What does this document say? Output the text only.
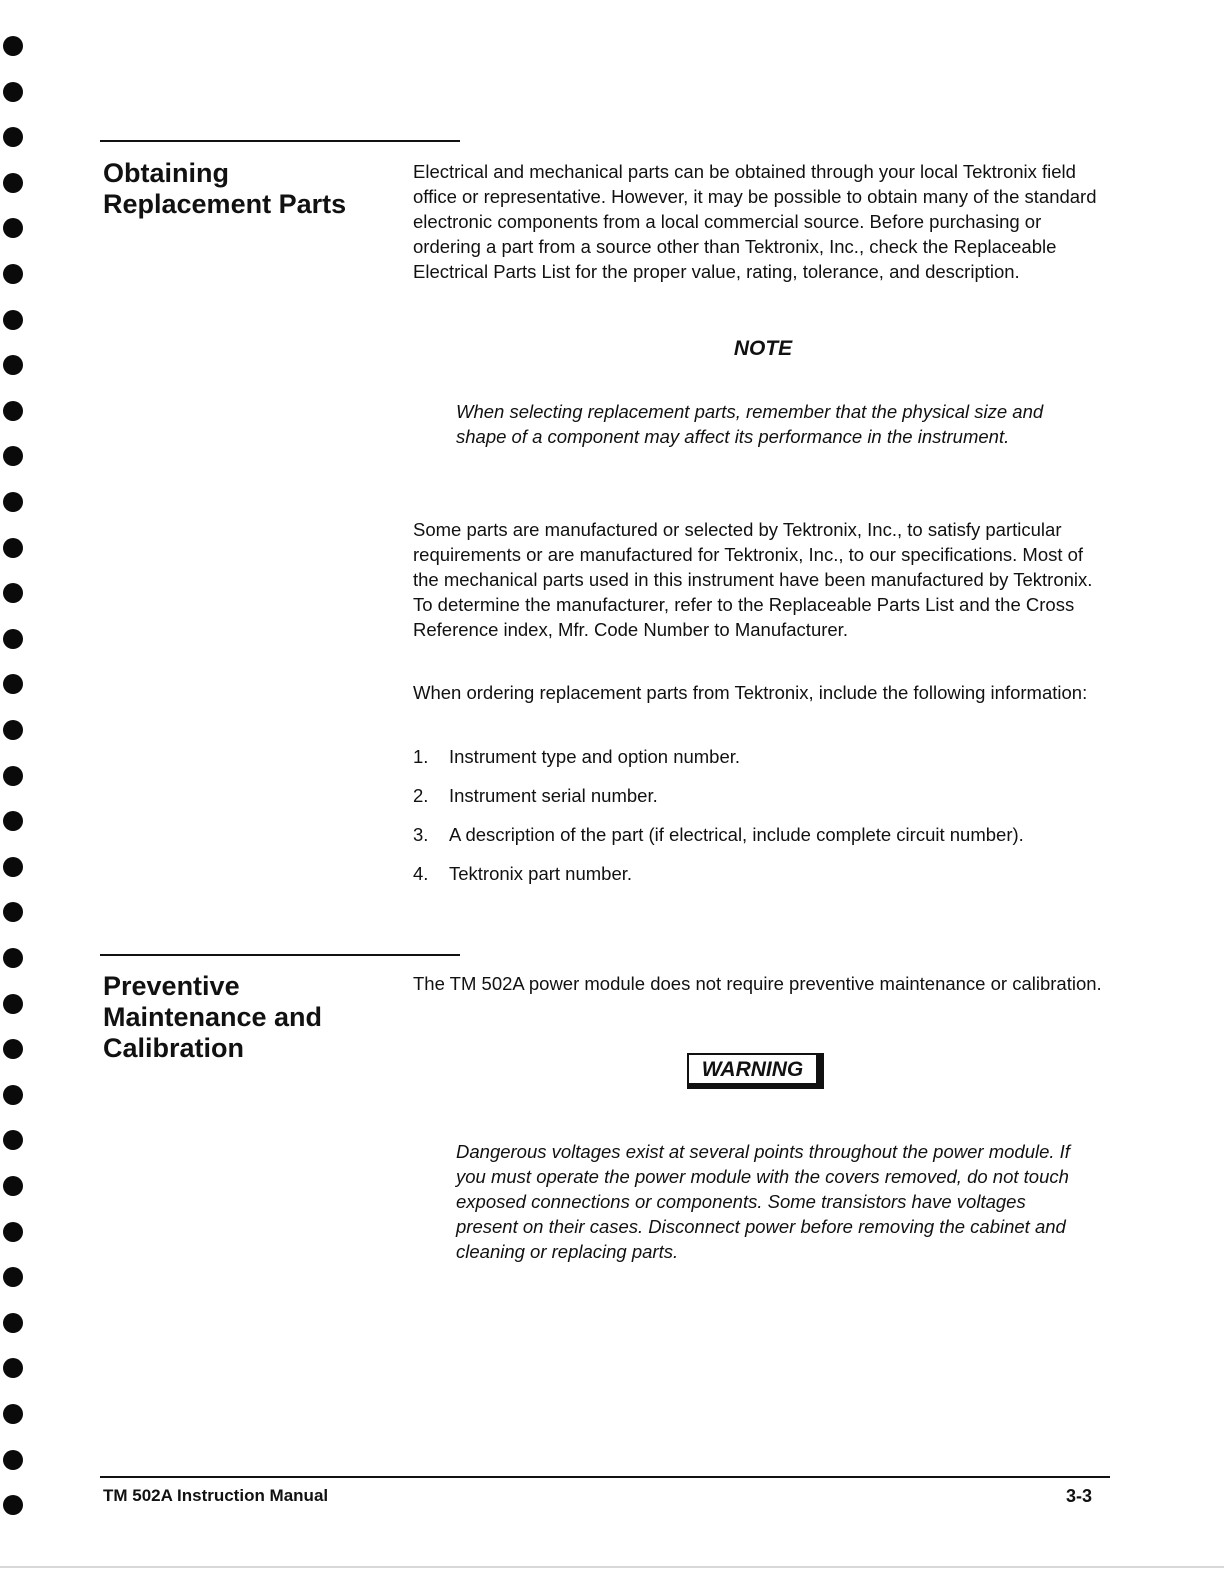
Obtaining
Replacement Parts

Electrical and mechanical parts can be obtained through your local Tektronix field office or representative. However, it may be possible to obtain many of the standard electronic components from a local commercial source. Before purchasing or ordering a part from a source other than Tektronix, Inc., check the Replaceable Electrical Parts List for the proper value, rating, tolerance, and description.

NOTE

When selecting replacement parts, remember that the physical size and shape of a component may affect its performance in the instrument.

Some parts are manufactured or selected by Tektronix, Inc., to satisfy particular requirements or are manufactured for Tektronix, Inc., to our specifications. Most of the mechanical parts used in this instrument have been manufactured by Tektronix. To determine the manufacturer, refer to the Replaceable Parts List and the Cross Reference index, Mfr. Code Number to Manufacturer.

When ordering replacement parts from Tektronix, include the following information:

1.	Instrument type and option number.
2.	Instrument serial number.
3.	A description of the part (if electrical, include complete circuit number).
4.	Tektronix part number.
Preventive
Maintenance and
Calibration

The TM 502A power module does not require preventive maintenance or calibration.

WARNING

Dangerous voltages exist at several points throughout the power module. If you must operate the power module with the covers removed, do not touch exposed connections or components. Some transistors have voltages present on their cases. Disconnect power before removing the cabinet and cleaning or replacing parts.

TM 502A Instruction Manual	3-3
